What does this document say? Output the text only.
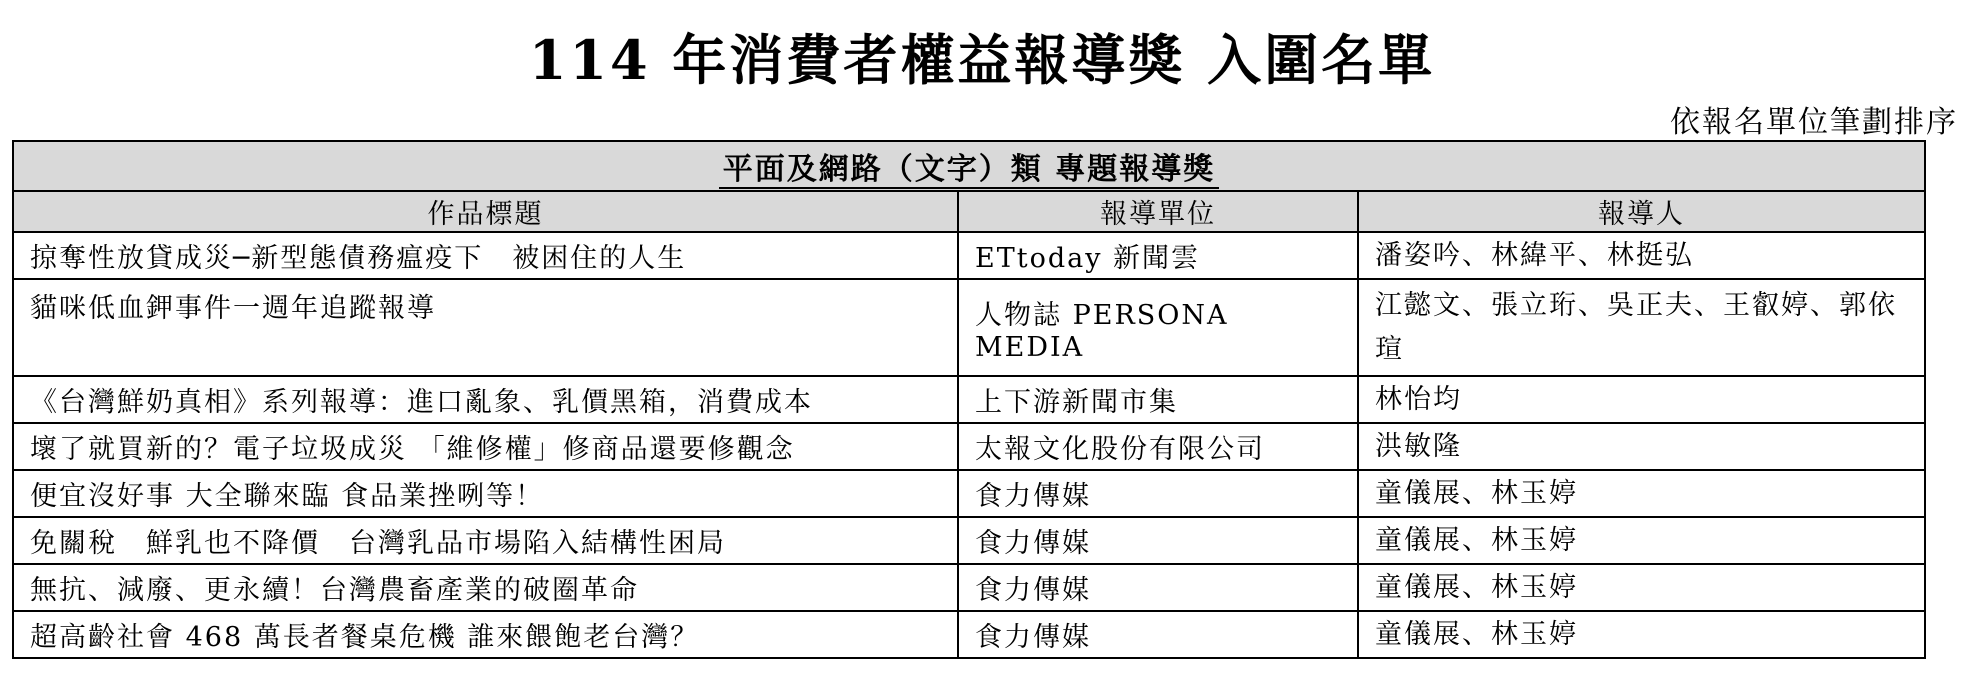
114 年消費者權益報導獎 入圍名單
依報名單位筆劃排序
平面及網路（文字）類 專題報導獎		
作品標題	報導單位	報導人
掠奪性放貸成災─新型態債務瘟疫下　被困住的人生	ETtoday 新聞雲	潘姿吟、林緯平、林挺弘
貓咪低血鉀事件一週年追蹤報導	人物誌 PERSONA MEDIA	江懿文、張立珩、吳正夫、王叡婷、郭依瑄
《台灣鮮奶真相》系列報導：進口亂象、乳價黑箱，消費成本	上下游新聞市集	林怡均
壞了就買新的？電子垃圾成災 「維修權」修商品還要修觀念	太報文化股份有限公司	洪敏隆
便宜沒好事 大全聯來臨 食品業挫咧等！	食力傳媒	童儀展、林玉婷
免關稅　鮮乳也不降價　台灣乳品市場陷入結構性困局	食力傳媒	童儀展、林玉婷
無抗、減廢、更永續！台灣農畜產業的破圈革命	食力傳媒	童儀展、林玉婷
超高齡社會 468 萬長者餐桌危機 誰來餵飽老台灣？	食力傳媒	童儀展、林玉婷
